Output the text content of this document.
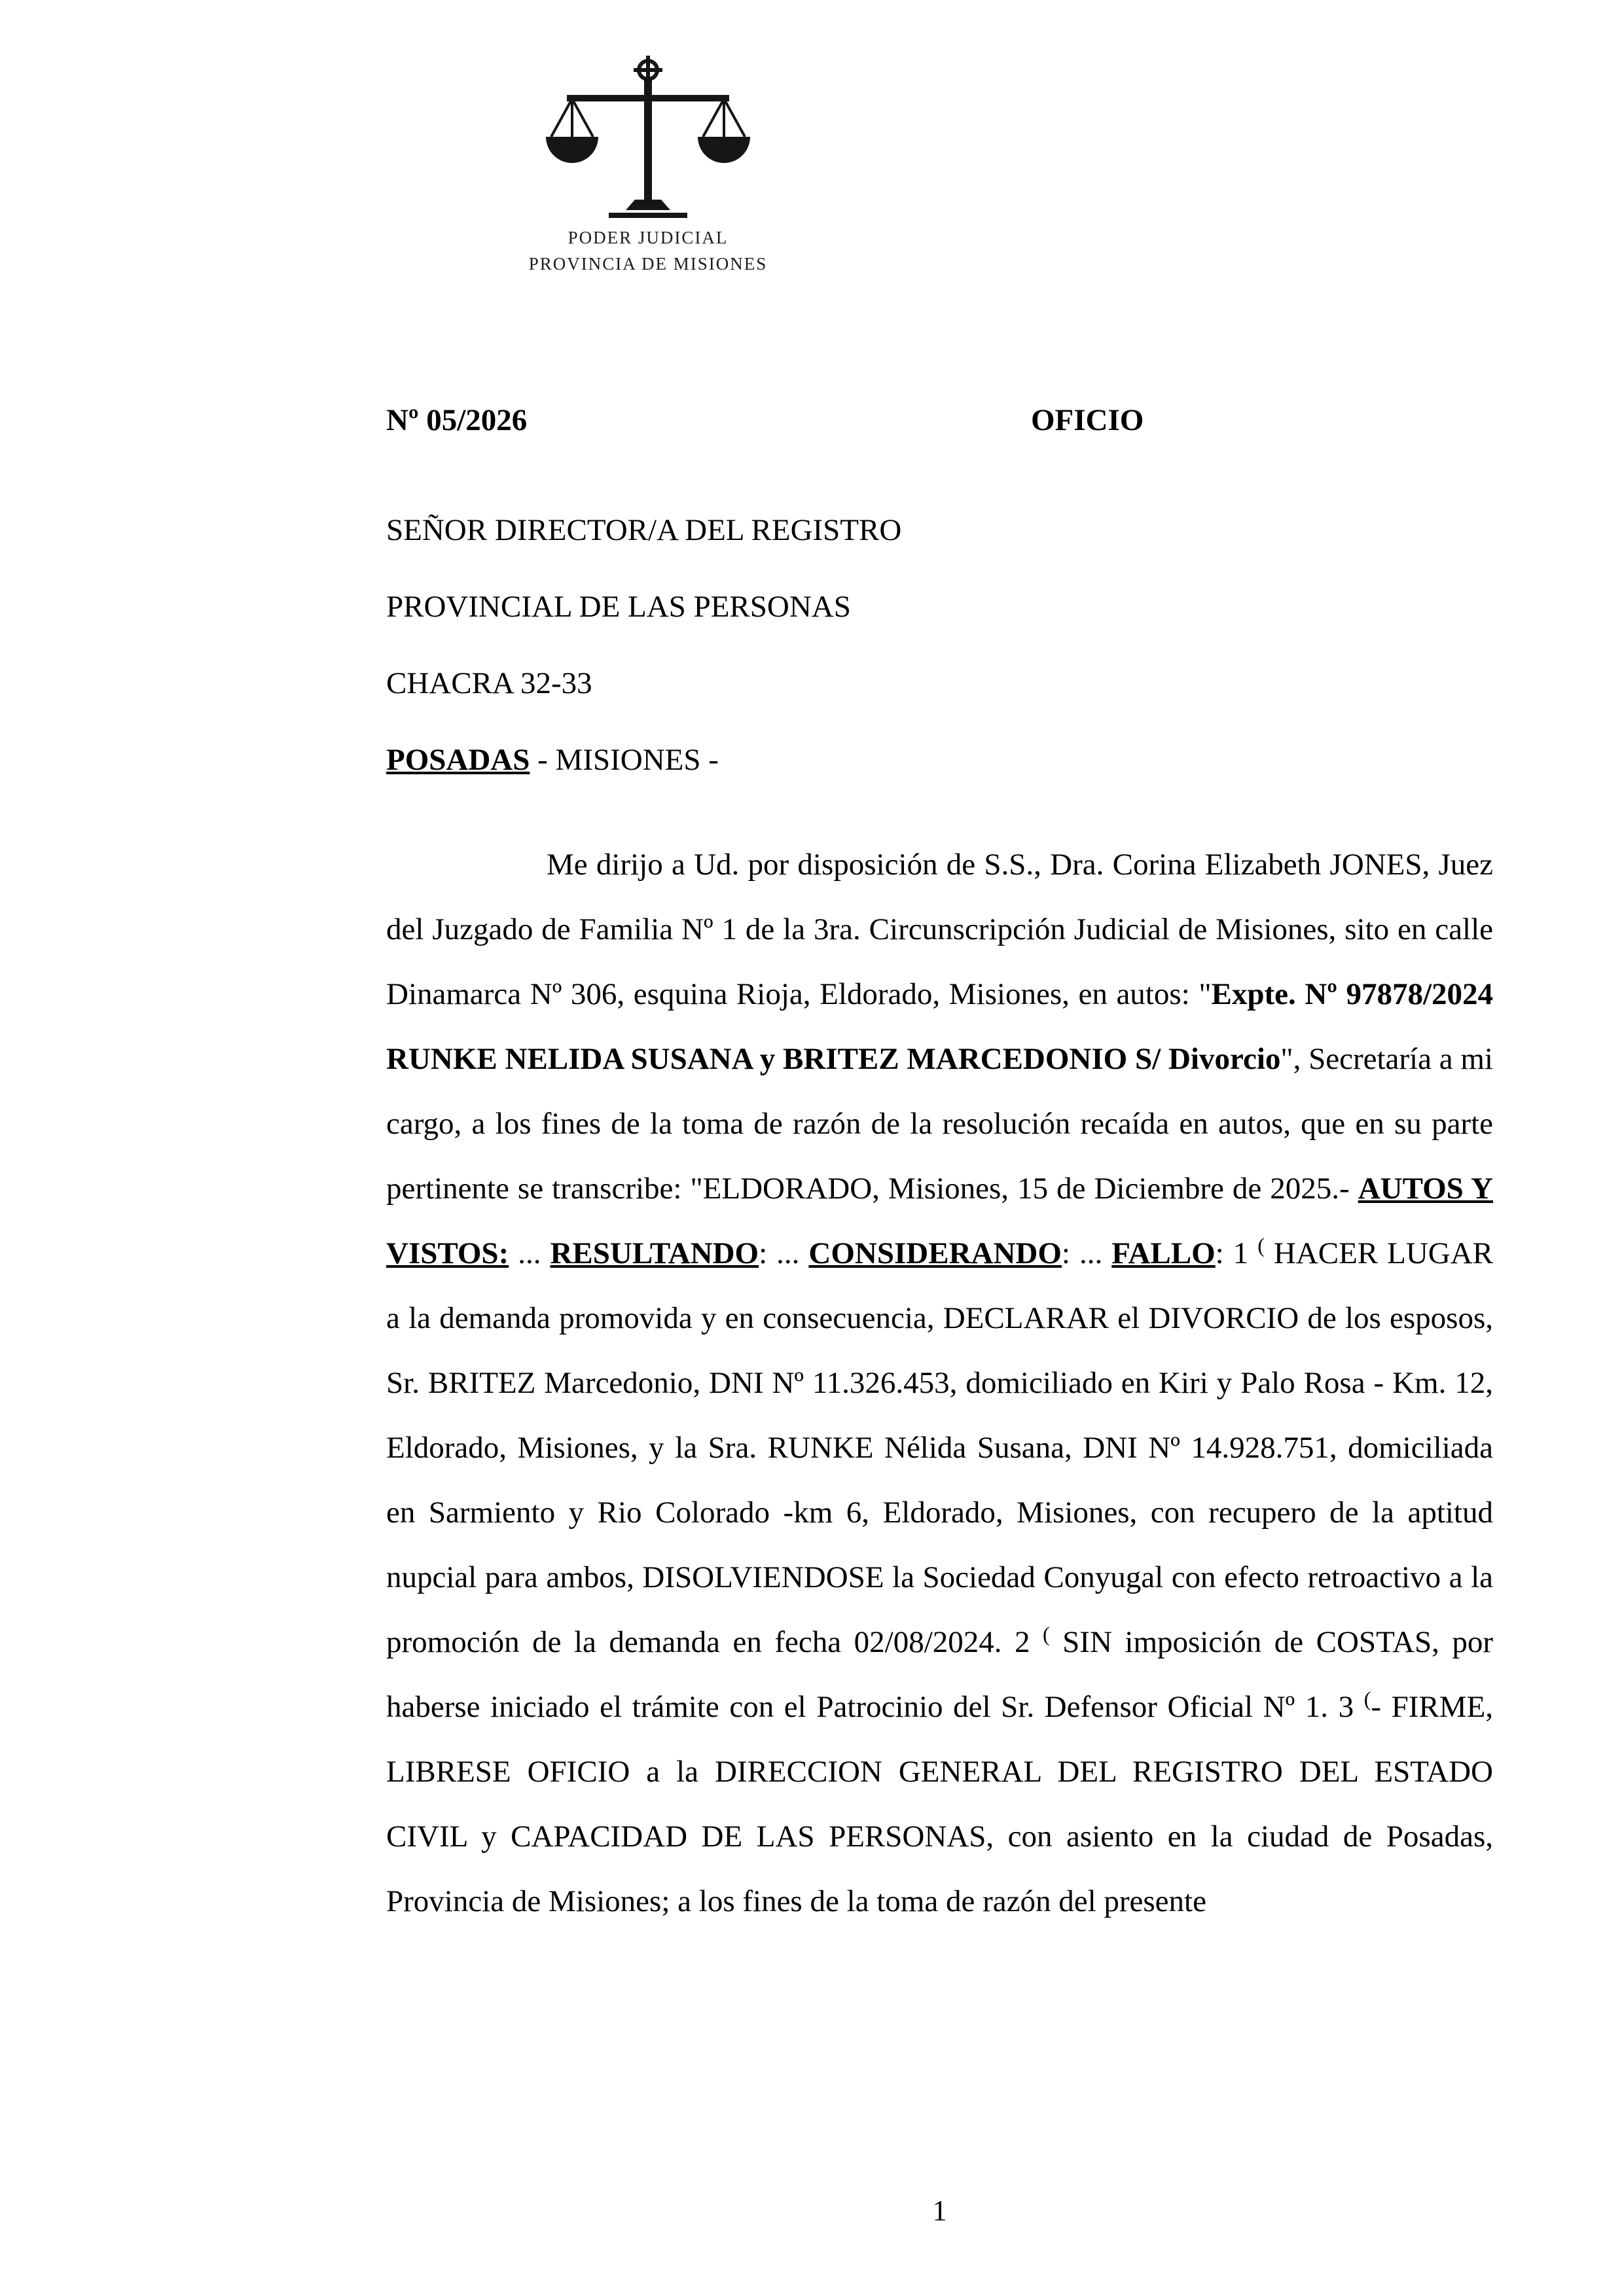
PODER JUDICIAL
PROVINCIA DE MISIONES
Nº 05/2026	OFICIO
SEÑOR DIRECTOR/A DEL REGISTRO
PROVINCIAL DE LAS PERSONAS
CHACRA 32-33
POSADAS - MISIONES -

Me dirijo a Ud. por disposición de S.S., Dra. Corina Elizabeth JONES, Juez del Juzgado de Familia Nº 1 de la 3ra. Circunscripción Judicial de Misiones, sito en calle Dinamarca Nº 306, esquina Rioja, Eldorado, Misiones, en autos: "Expte. Nº 97878/2024 RUNKE NELIDA SUSANA y BRITEZ MARCEDONIO S/ Divorcio", Secretaría a mi cargo, a los fines de la toma de razón de la resolución recaída en autos, que en su parte pertinente se transcribe: "ELDORADO, Misiones, 15 de Diciembre de 2025.- AUTOS Y VISTOS: ... RESULTANDO: ... CONSIDERANDO: ... FALLO: 1 ( HACER LUGAR a la demanda promovida y en consecuencia, DECLARAR el DIVORCIO de los esposos, Sr. BRITEZ Marcedonio, DNI Nº 11.326.453, domiciliado en Kiri y Palo Rosa - Km. 12, Eldorado, Misiones, y la Sra. RUNKE Nélida Susana, DNI Nº 14.928.751, domiciliada en Sarmiento y Rio Colorado -km 6, Eldorado, Misiones, con recupero de la aptitud nupcial para ambos, DISOLVIENDOSE la Sociedad Conyugal con efecto retroactivo a la promoción de la demanda en fecha 02/08/2024. 2 ( SIN imposición de COSTAS, por haberse iniciado el trámite con el Patrocinio del Sr. Defensor Oficial Nº 1. 3 (- FIRME, LIBRESE OFICIO a la DIRECCION GENERAL DEL REGISTRO DEL ESTADO CIVIL y CAPACIDAD DE LAS PERSONAS, con asiento en la ciudad de Posadas, Provincia de Misiones; a los fines de la toma de razón del presente

1
